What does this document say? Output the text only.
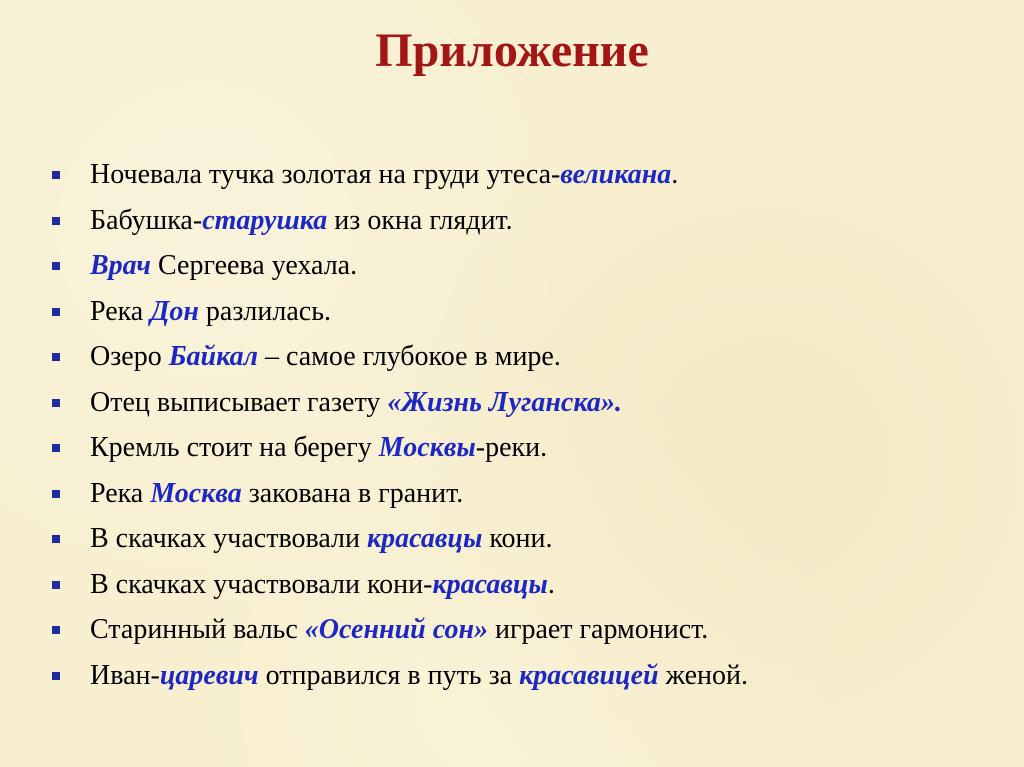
Приложение
Ночевала тучка золотая на груди утеса-великана.
Бабушка-старушка из окна глядит.
Врач Сергеева уехала.
Река Дон разлилась.
Озеро Байкал – самое глубокое в мире.
Отец выписывает газету «Жизнь Луганска».
Кремль стоит на берегу Москвы-реки.
Река Москва закована в гранит.
В скачках участвовали красавцы кони.
В скачках участвовали кони-красавцы.
Старинный вальс «Осенний сон» играет гармонист.
Иван-царевич отправился в путь за красавицей женой.
